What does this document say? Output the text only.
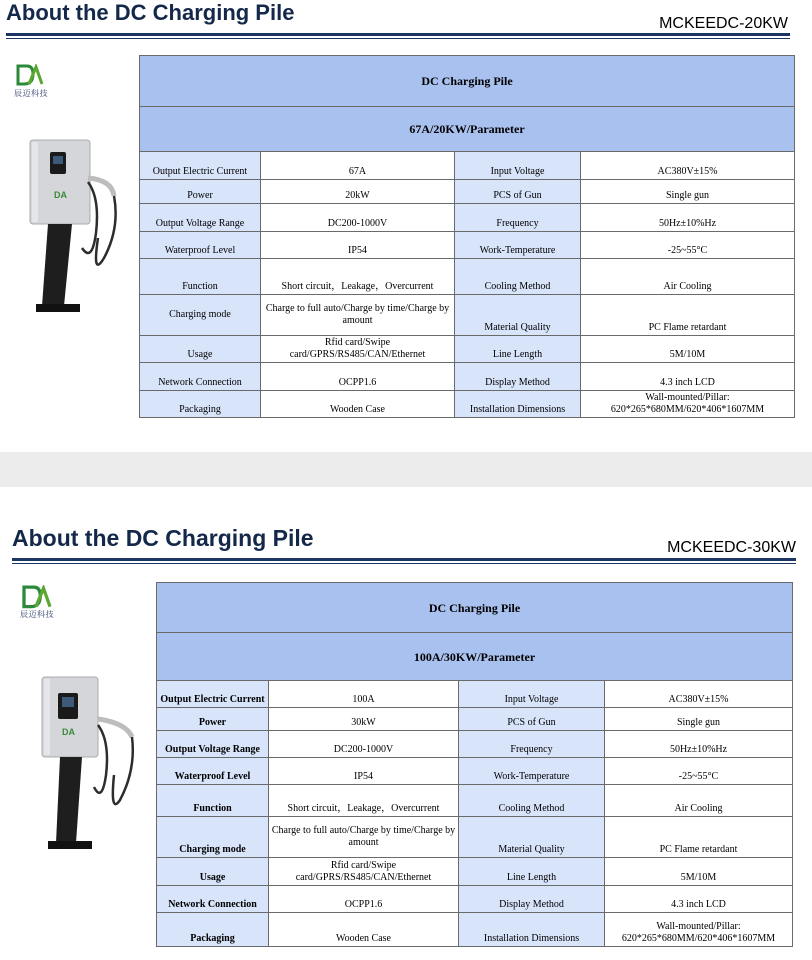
About the DC Charging Pile	MCKEEDC-20KW
辰迈科技
DA
DC Charging Pile			
67A/20KW/Parameter			
Output Electric Current	67A	Input Voltage	AC380V±15%
Power	20kW	PCS of Gun	Single gun
Output Voltage Range	DC200-1000V	Frequency	50Hz±10%Hz
Waterproof Level	IP54	Work-Temperature	-25~55°C
Function	Short circuit，Leakage，Overcurrent	Cooling Method	Air Cooling
Charging mode	Charge to full auto/Charge by time/Charge by amount	Material Quality	PC Flame retardant
Usage	Rfid card/Swipe card/GPRS/RS485/CAN/Ethernet	Line Length	5M/10M
Network Connection	OCPP1.6	Display Method	4.3 inch LCD
Packaging	Wooden Case	Installation Dimensions	Wall-mounted/Pillar: 620*265*680MM/620*406*1607MM
About the DC Charging Pile	MCKEEDC-30KW
辰迈科技
DA
DC Charging Pile			
100A/30KW/Parameter			
Output Electric Current	100A	Input Voltage	AC380V±15%
Power	30kW	PCS of Gun	Single gun
Output Voltage Range	DC200-1000V	Frequency	50Hz±10%Hz
Waterproof Level	IP54	Work-Temperature	-25~55°C
Function	Short circuit，Leakage，Overcurrent	Cooling Method	Air Cooling
Charging mode	Charge to full auto/Charge by time/Charge by amount	Material Quality	PC Flame retardant
Usage	Rfid card/Swipe card/GPRS/RS485/CAN/Ethernet	Line Length	5M/10M
Network Connection	OCPP1.6	Display Method	4.3 inch LCD
Packaging	Wooden Case	Installation Dimensions	Wall-mounted/Pillar: 620*265*680MM/620*406*1607MM
